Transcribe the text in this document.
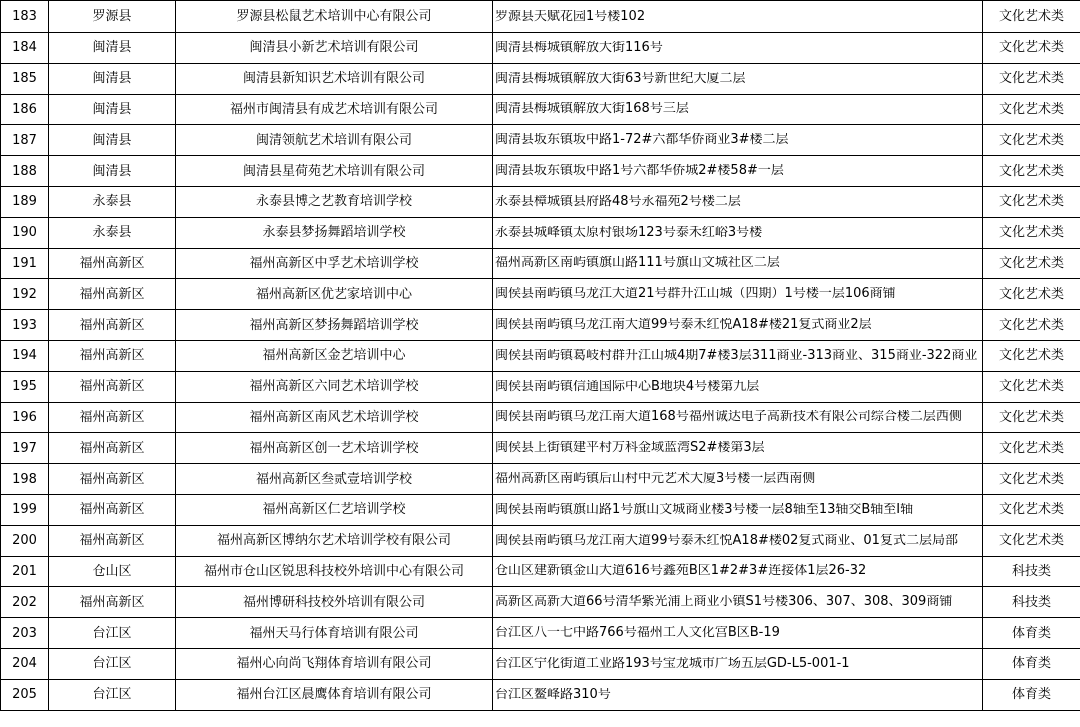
183	罗源县	罗源县松鼠艺术培训中心有限公司	罗源县天赋花园1号楼102	文化艺术类
184	闽清县	闽清县小新艺术培训有限公司	闽清县梅城镇解放大街116号	文化艺术类
185	闽清县	闽清县新知识艺术培训有限公司	闽清县梅城镇解放大街63号新世纪大厦二层	文化艺术类
186	闽清县	福州市闽清县有成艺术培训有限公司	闽清县梅城镇解放大街168号三层	文化艺术类
187	闽清县	闽清领航艺术培训有限公司	闽清县坂东镇坂中路1-72#六都华侨商业3#楼二层	文化艺术类
188	闽清县	闽清县星荷苑艺术培训有限公司	闽清县坂东镇坂中路1号六都华侨城2#楼58#一层	文化艺术类
189	永泰县	永泰县博之艺教育培训学校	永泰县樟城镇县府路48号永福苑2号楼二层	文化艺术类
190	永泰县	永泰县梦扬舞蹈培训学校	永泰县城峰镇太原村银场123号泰禾红峪3号楼	文化艺术类
191	福州高新区	福州高新区中孚艺术培训学校	福州高新区南屿镇旗山路111号旗山文城社区二层	文化艺术类
192	福州高新区	福州高新区优艺家培训中心	闽侯县南屿镇乌龙江大道21号群升江山城（四期）1号楼一层106商铺	文化艺术类
193	福州高新区	福州高新区梦扬舞蹈培训学校	闽侯县南屿镇乌龙江南大道99号泰禾红悦A18#楼21复式商业2层	文化艺术类
194	福州高新区	福州高新区金艺培训中心	闽侯县南屿镇葛岐村群升江山城4期7#楼3层311商业-313商业、315商业-322商业	文化艺术类
195	福州高新区	福州高新区六同艺术培训学校	闽侯县南屿镇信通国际中心B地块4号楼第九层	文化艺术类
196	福州高新区	福州高新区南风艺术培训学校	闽侯县南屿镇乌龙江南大道168号福州诚达电子高新技术有限公司综合楼二层西侧	文化艺术类
197	福州高新区	福州高新区创一艺术培训学校	闽侯县上街镇建平村万科金域蓝湾S2#楼第3层	文化艺术类
198	福州高新区	福州高新区叁贰壹培训学校	福州高新区南屿镇后山村中元艺术大厦3号楼一层西南侧	文化艺术类
199	福州高新区	福州高新区仁艺培训学校	闽侯县南屿镇旗山路1号旗山文城商业楼3号楼一层8轴至13轴交B轴至I轴	文化艺术类
200	福州高新区	福州高新区博纳尔艺术培训学校有限公司	闽侯县南屿镇乌龙江南大道99号泰禾红悦A18#楼02复式商业、01复式二层局部	文化艺术类
201	仓山区	福州市仓山区锐思科技校外培训中心有限公司	仓山区建新镇金山大道616号鑫苑B区1#2#3#连接体1层26-32	科技类
202	福州高新区	福州博研科技校外培训有限公司	高新区高新大道66号清华紫光浦上商业小镇S1号楼306、307、308、309商铺	科技类
203	台江区	福州天马行体育培训有限公司	台江区八一七中路766号福州工人文化宫B区B-19	体育类
204	台江区	福州心向尚飞翔体育培训有限公司	台江区宁化街道工业路193号宝龙城市广场五层GD-L5-001-1	体育类
205	台江区	福州台江区晨鹰体育培训有限公司	台江区鳌峰路310号	体育类
